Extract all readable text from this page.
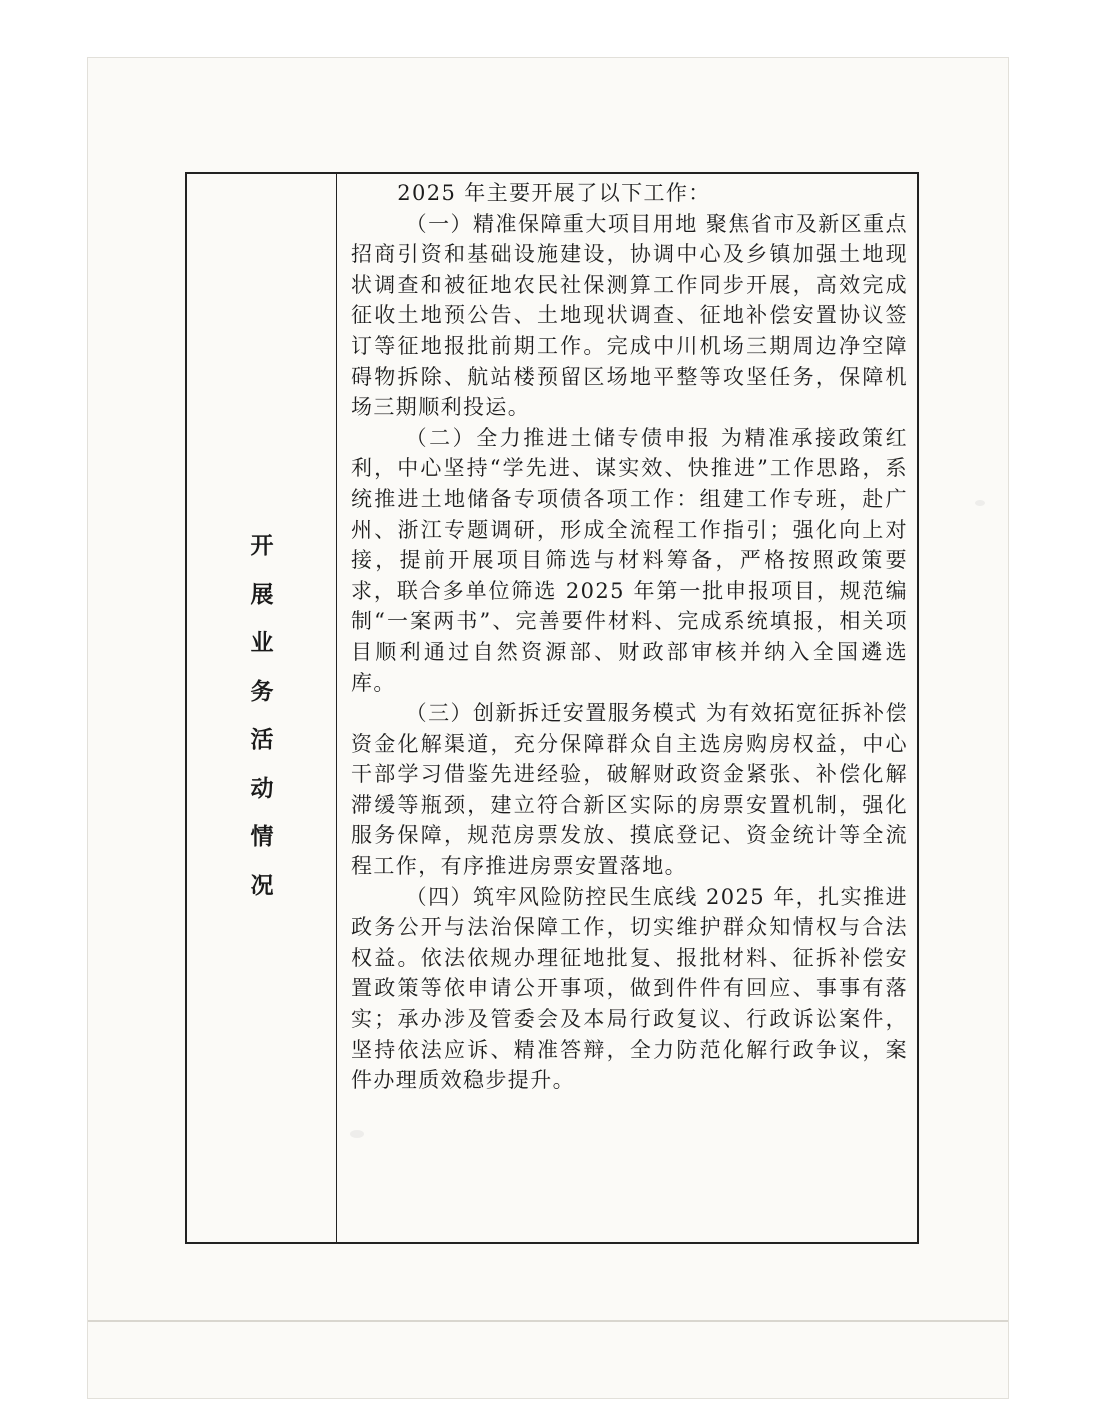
开
展
业
务
活
动
情
况

2025 年主要开展了以下工作：

（一）精准保障重大项目用地 聚焦省市及新区重点招商引资和基础设施建设，协调中心及乡镇加强土地现状调查和被征地农民社保测算工作同步开展，高效完成征收土地预公告、土地现状调查、征地补偿安置协议签订等征地报批前期工作。完成中川机场三期周边净空障碍物拆除、航站楼预留区场地平整等攻坚任务，保障机场三期顺利投运。

（二）全力推进土储专债申报 为精准承接政策红利，中心坚持“学先进、谋实效、快推进”工作思路，系统推进土地储备专项债各项工作：组建工作专班，赴广州、浙江专题调研，形成全流程工作指引；强化向上对接，提前开展项目筛选与材料筹备，严格按照政策要求，联合多单位筛选 2025 年第一批申报项目，规范编制“一案两书”、完善要件材料、完成系统填报，相关项目顺利通过自然资源部、财政部审核并纳入全国遴选库。

（三）创新拆迁安置服务模式 为有效拓宽征拆补偿资金化解渠道，充分保障群众自主选房购房权益，中心干部学习借鉴先进经验，破解财政资金紧张、补偿化解滞缓等瓶颈，建立符合新区实际的房票安置机制，强化服务保障，规范房票发放、摸底登记、资金统计等全流程工作，有序推进房票安置落地。

（四）筑牢风险防控民生底线 2025 年，扎实推进政务公开与法治保障工作，切实维护群众知情权与合法权益。依法依规办理征地批复、报批材料、征拆补偿安置政策等依申请公开事项，做到件件有回应、事事有落实；承办涉及管委会及本局行政复议、行政诉讼案件，坚持依法应诉、精准答辩，全力防范化解行政争议，案件办理质效稳步提升。
